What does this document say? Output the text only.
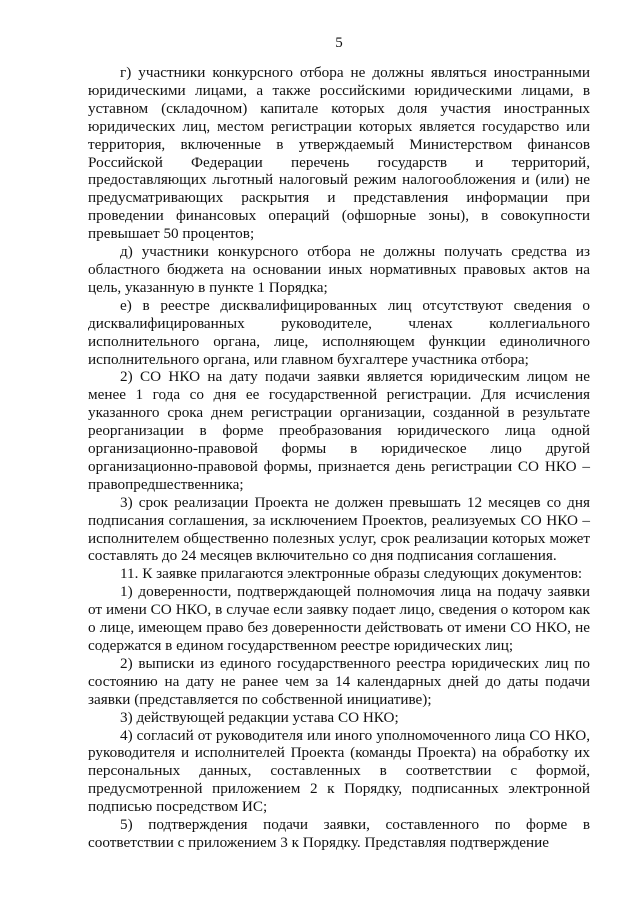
5

г) участники конкурсного отбора не должны являться иностранными юридическими лицами, а также российскими юридическими лицами, в уставном (складочном) капитале которых доля участия иностранных юридических лиц, местом регистрации которых является государство или территория, включенные в утверждаемый Министерством финансов Российской Федерации перечень государств и территорий, предоставляющих льготный налоговый режим налогообложения и (или) не предусматривающих раскрытия и представления информации при проведении финансовых операций (офшорные зоны), в совокупности превышает 50 процентов;

д) участники конкурсного отбора не должны получать средства из областного бюджета на основании иных нормативных правовых актов на цель, указанную в пункте 1 Порядка;

е) в реестре дисквалифицированных лиц отсутствуют сведения о дисквалифицированных руководителе, членах коллегиального исполнительного органа, лице, исполняющем функции единоличного исполнительного органа, или главном бухгалтере участника отбора;

2) СО НКО на дату подачи заявки является юридическим лицом не менее 1 года со дня ее государственной регистрации. Для исчисления указанного срока днем регистрации организации, созданной в результате реорганизации в форме преобразования юридического лица одной организационно-правовой формы в юридическое лицо другой организационно-правовой формы, признается день регистрации СО НКО – правопредшественника;

3) срок реализации Проекта не должен превышать 12 месяцев со дня подписания соглашения, за исключением Проектов, реализуемых СО НКО – исполнителем общественно полезных услуг, срок реализации которых может составлять до 24 месяцев включительно со дня подписания соглашения.

11. К заявке прилагаются электронные образы следующих документов:

1) доверенности, подтверждающей полномочия лица на подачу заявки от имени СО НКО, в случае если заявку подает лицо, сведения о котором как о лице, имеющем право без доверенности действовать от имени СО НКО, не содержатся в едином государственном реестре юридических лиц;

2) выписки из единого государственного реестра юридических лиц по состоянию на дату не ранее чем за 14 календарных дней до даты подачи заявки (представляется по собственной инициативе);

3) действующей редакции устава СО НКО;

4) согласий от руководителя или иного уполномоченного лица СО НКО, руководителя и исполнителей Проекта (команды Проекта) на обработку их персональных данных, составленных в соответствии с формой, предусмотренной приложением 2 к Порядку, подписанных электронной подписью посредством ИС;

5) подтверждения подачи заявки, составленного по форме в соответствии с приложением 3 к Порядку. Представляя подтверждение
